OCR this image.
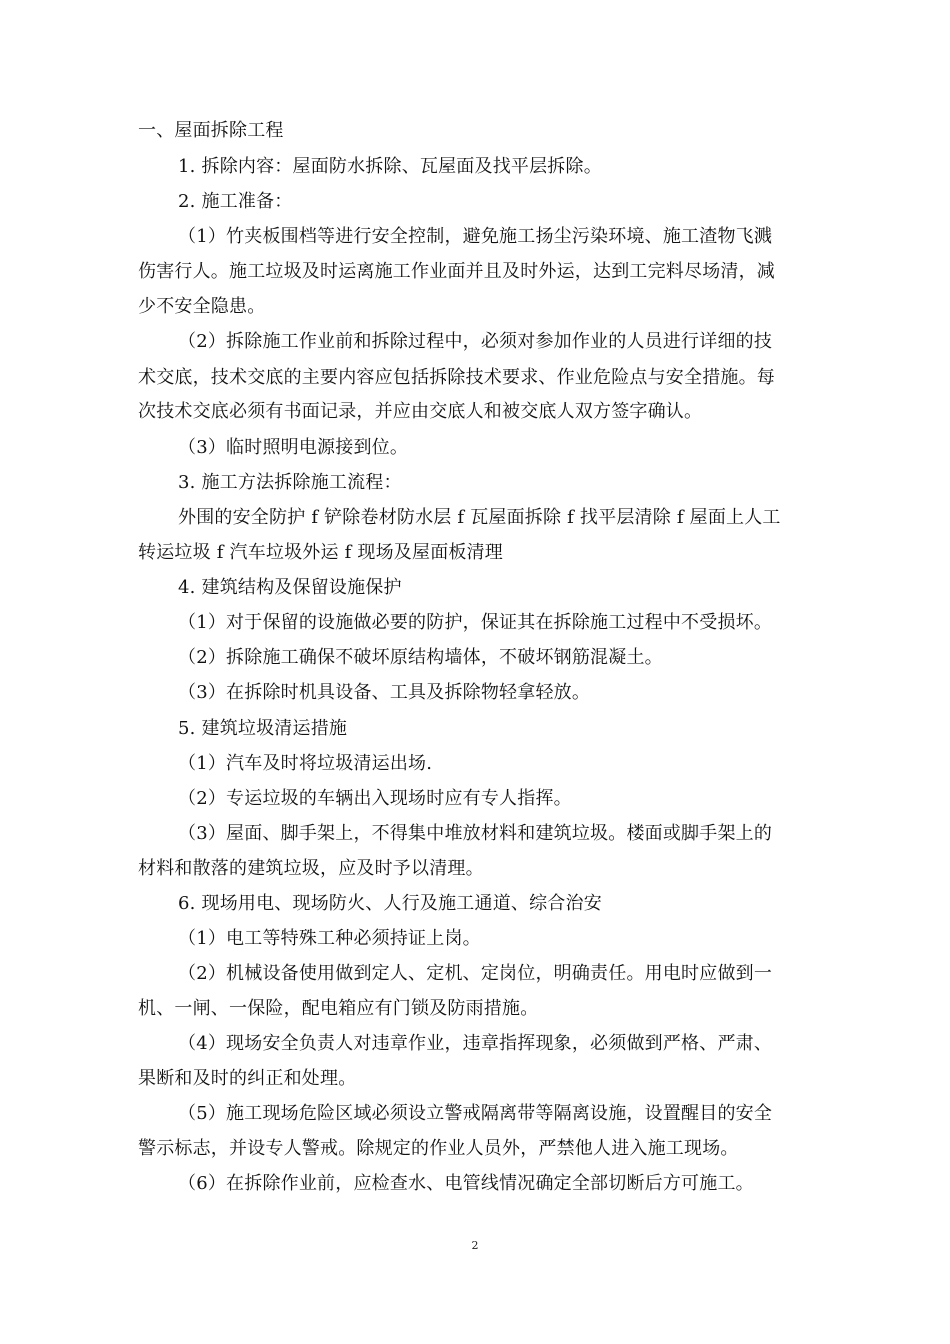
一、屋面拆除工程
1. 拆除内容：屋面防水拆除、瓦屋面及找平层拆除。
2. 施工准备：
（1）竹夹板围档等进行安全控制，避免施工扬尘污染环境、施工渣物飞溅
伤害行人。施工垃圾及时运离施工作业面并且及时外运，达到工完料尽场清，减
少不安全隐患。
（2）拆除施工作业前和拆除过程中，必须对参加作业的人员进行详细的技
术交底，技术交底的主要内容应包括拆除技术要求、作业危险点与安全措施。每
次技术交底必须有书面记录，并应由交底人和被交底人双方签字确认。
（3）临时照明电源接到位。
3. 施工方法拆除施工流程：
外围的安全防护 f 铲除卷材防水层 f 瓦屋面拆除 f 找平层清除 f 屋面上人工
转运垃圾 f 汽车垃圾外运 f 现场及屋面板清理
4. 建筑结构及保留设施保护
（1）对于保留的设施做必要的防护，保证其在拆除施工过程中不受损坏。
（2）拆除施工确保不破坏原结构墙体，不破坏钢筋混凝土。
（3）在拆除时机具设备、工具及拆除物轻拿轻放。
5. 建筑垃圾清运措施
（1）汽车及时将垃圾清运出场.
（2）专运垃圾的车辆出入现场时应有专人指挥。
（3）屋面、脚手架上，不得集中堆放材料和建筑垃圾。楼面或脚手架上的
材料和散落的建筑垃圾，应及时予以清理。
6. 现场用电、现场防火、人行及施工通道、综合治安
（1）电工等特殊工种必须持证上岗。
（2）机械设备使用做到定人、定机、定岗位，明确责任。用电时应做到一
机、一闸、一保险，配电箱应有门锁及防雨措施。
（4）现场安全负责人对违章作业，违章指挥现象，必须做到严格、严肃、
果断和及时的纠正和处理。
（5）施工现场危险区域必须设立警戒隔离带等隔离设施，设置醒目的安全
警示标志，并设专人警戒。除规定的作业人员外，严禁他人进入施工现场。
（6）在拆除作业前，应检查水、电管线情况确定全部切断后方可施工。
2
